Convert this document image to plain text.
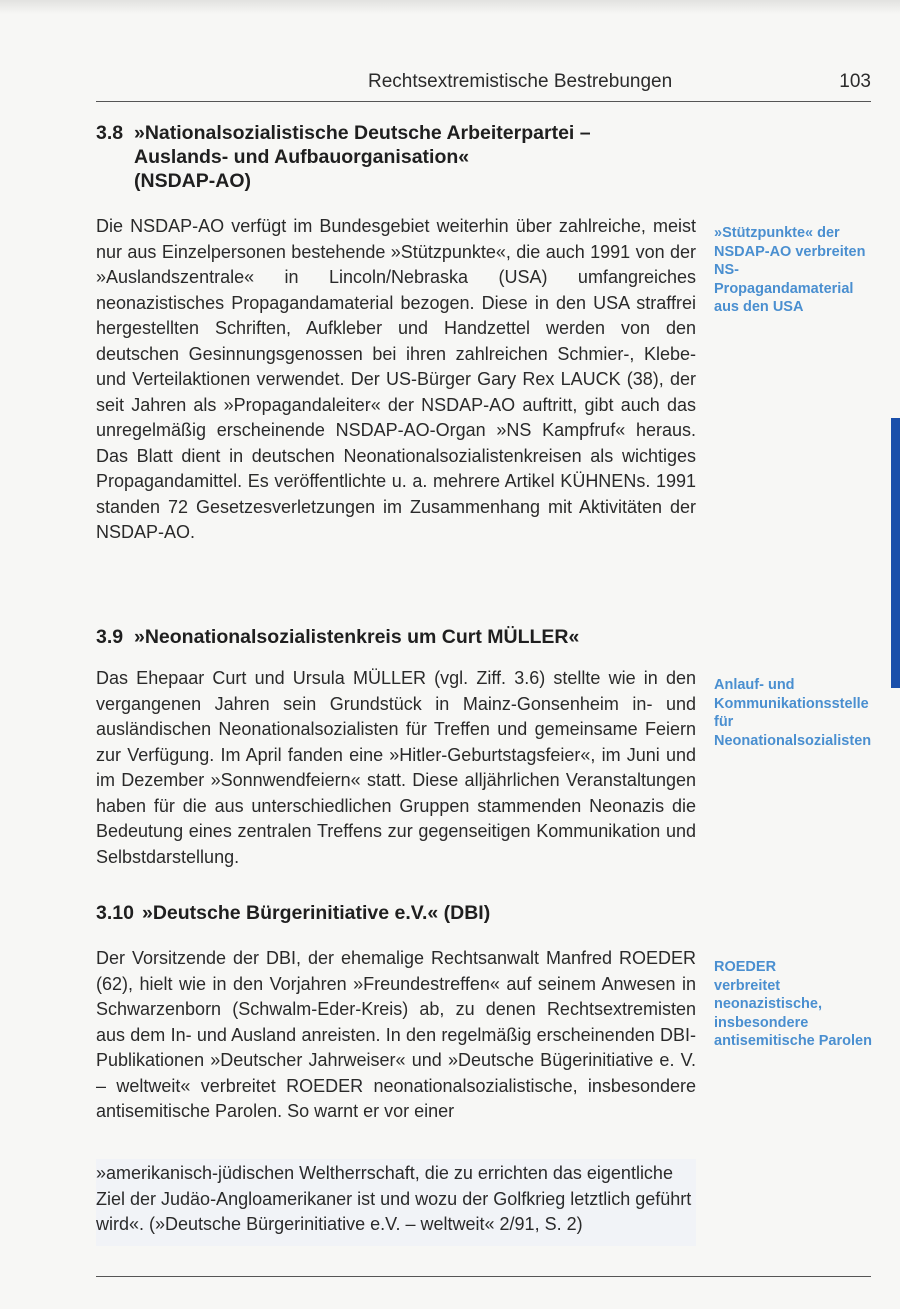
Rechtsextremistische Bestrebungen	103
3.8 »Nationalsozialistische Deutsche Arbeiterpartei –
Auslands- und Aufbauorganisation«
(NSDAP-AO)

Die NSDAP-AO verfügt im Bundesgebiet weiterhin über zahlreiche, meist nur aus Einzelpersonen bestehende »Stützpunkte«, die auch 1991 von der »Auslandszentrale« in Lincoln/Nebraska (USA) umfangreiches neonazistisches Propagandamaterial bezogen. Diese in den USA straffrei hergestellten Schriften, Aufkleber und Handzettel werden von den deutschen Gesinnungsgenossen bei ihren zahlreichen Schmier-, Klebe- und Verteilaktionen verwendet. Der US-Bürger Gary Rex LAUCK (38), der seit Jahren als »Propagandaleiter« der NSDAP-AO auftritt, gibt auch das unregelmäßig erscheinende NSDAP-AO-Organ »NS Kampfruf« heraus. Das Blatt dient in deutschen Neonationalsozialistenkreisen als wichtiges Propagandamittel. Es veröffentlichte u. a. mehrere Artikel KÜHNENs. 1991 standen 72 Gesetzesverletzungen im Zusammenhang mit Aktivitäten der NSDAP-AO.

»Stützpunkte« der NSDAP-AO verbreiten NS-Propagandamaterial aus den USA

3.9 »Neonationalsozialistenkreis um Curt MÜLLER«

Das Ehepaar Curt und Ursula MÜLLER (vgl. Ziff. 3.6) stellte wie in den vergangenen Jahren sein Grundstück in Mainz-Gonsenheim in- und ausländischen Neonationalsozialisten für Treffen und gemeinsame Feiern zur Verfügung. Im April fanden eine »Hitler-Geburtstagsfeier«, im Juni und im Dezember »Sonnwendfeiern« statt. Diese alljährlichen Veranstaltungen haben für die aus unterschiedlichen Gruppen stammenden Neonazis die Bedeutung eines zentralen Treffens zur gegenseitigen Kommunikation und Selbstdarstellung.

Anlauf- und Kommunikationsstelle für Neonationalsozialisten

3.10 »Deutsche Bürgerinitiative e.V.« (DBI)

Der Vorsitzende der DBI, der ehemalige Rechtsanwalt Manfred ROEDER (62), hielt wie in den Vorjahren »Freundestreffen« auf seinem Anwesen in Schwarzenborn (Schwalm-Eder-Kreis) ab, zu denen Rechtsextremisten aus dem In- und Ausland anreisten. In den regelmäßig erscheinenden DBI-Publikationen »Deutscher Jahrweiser« und »Deutsche Bügerinitiative e. V. – weltweit« verbreitet ROEDER neonationalsozialistische, insbesondere antisemitische Parolen. So warnt er vor einer

»amerikanisch-jüdischen Weltherrschaft, die zu errichten das eigentliche Ziel der Judäo-Angloamerikaner ist und wozu der Golfkrieg letztlich geführt wird«. (»Deutsche Bürgerinitiative e.V. – weltweit« 2/91, S. 2)

ROEDER
verbreitet neonazistische, insbesondere antisemitische Parolen
